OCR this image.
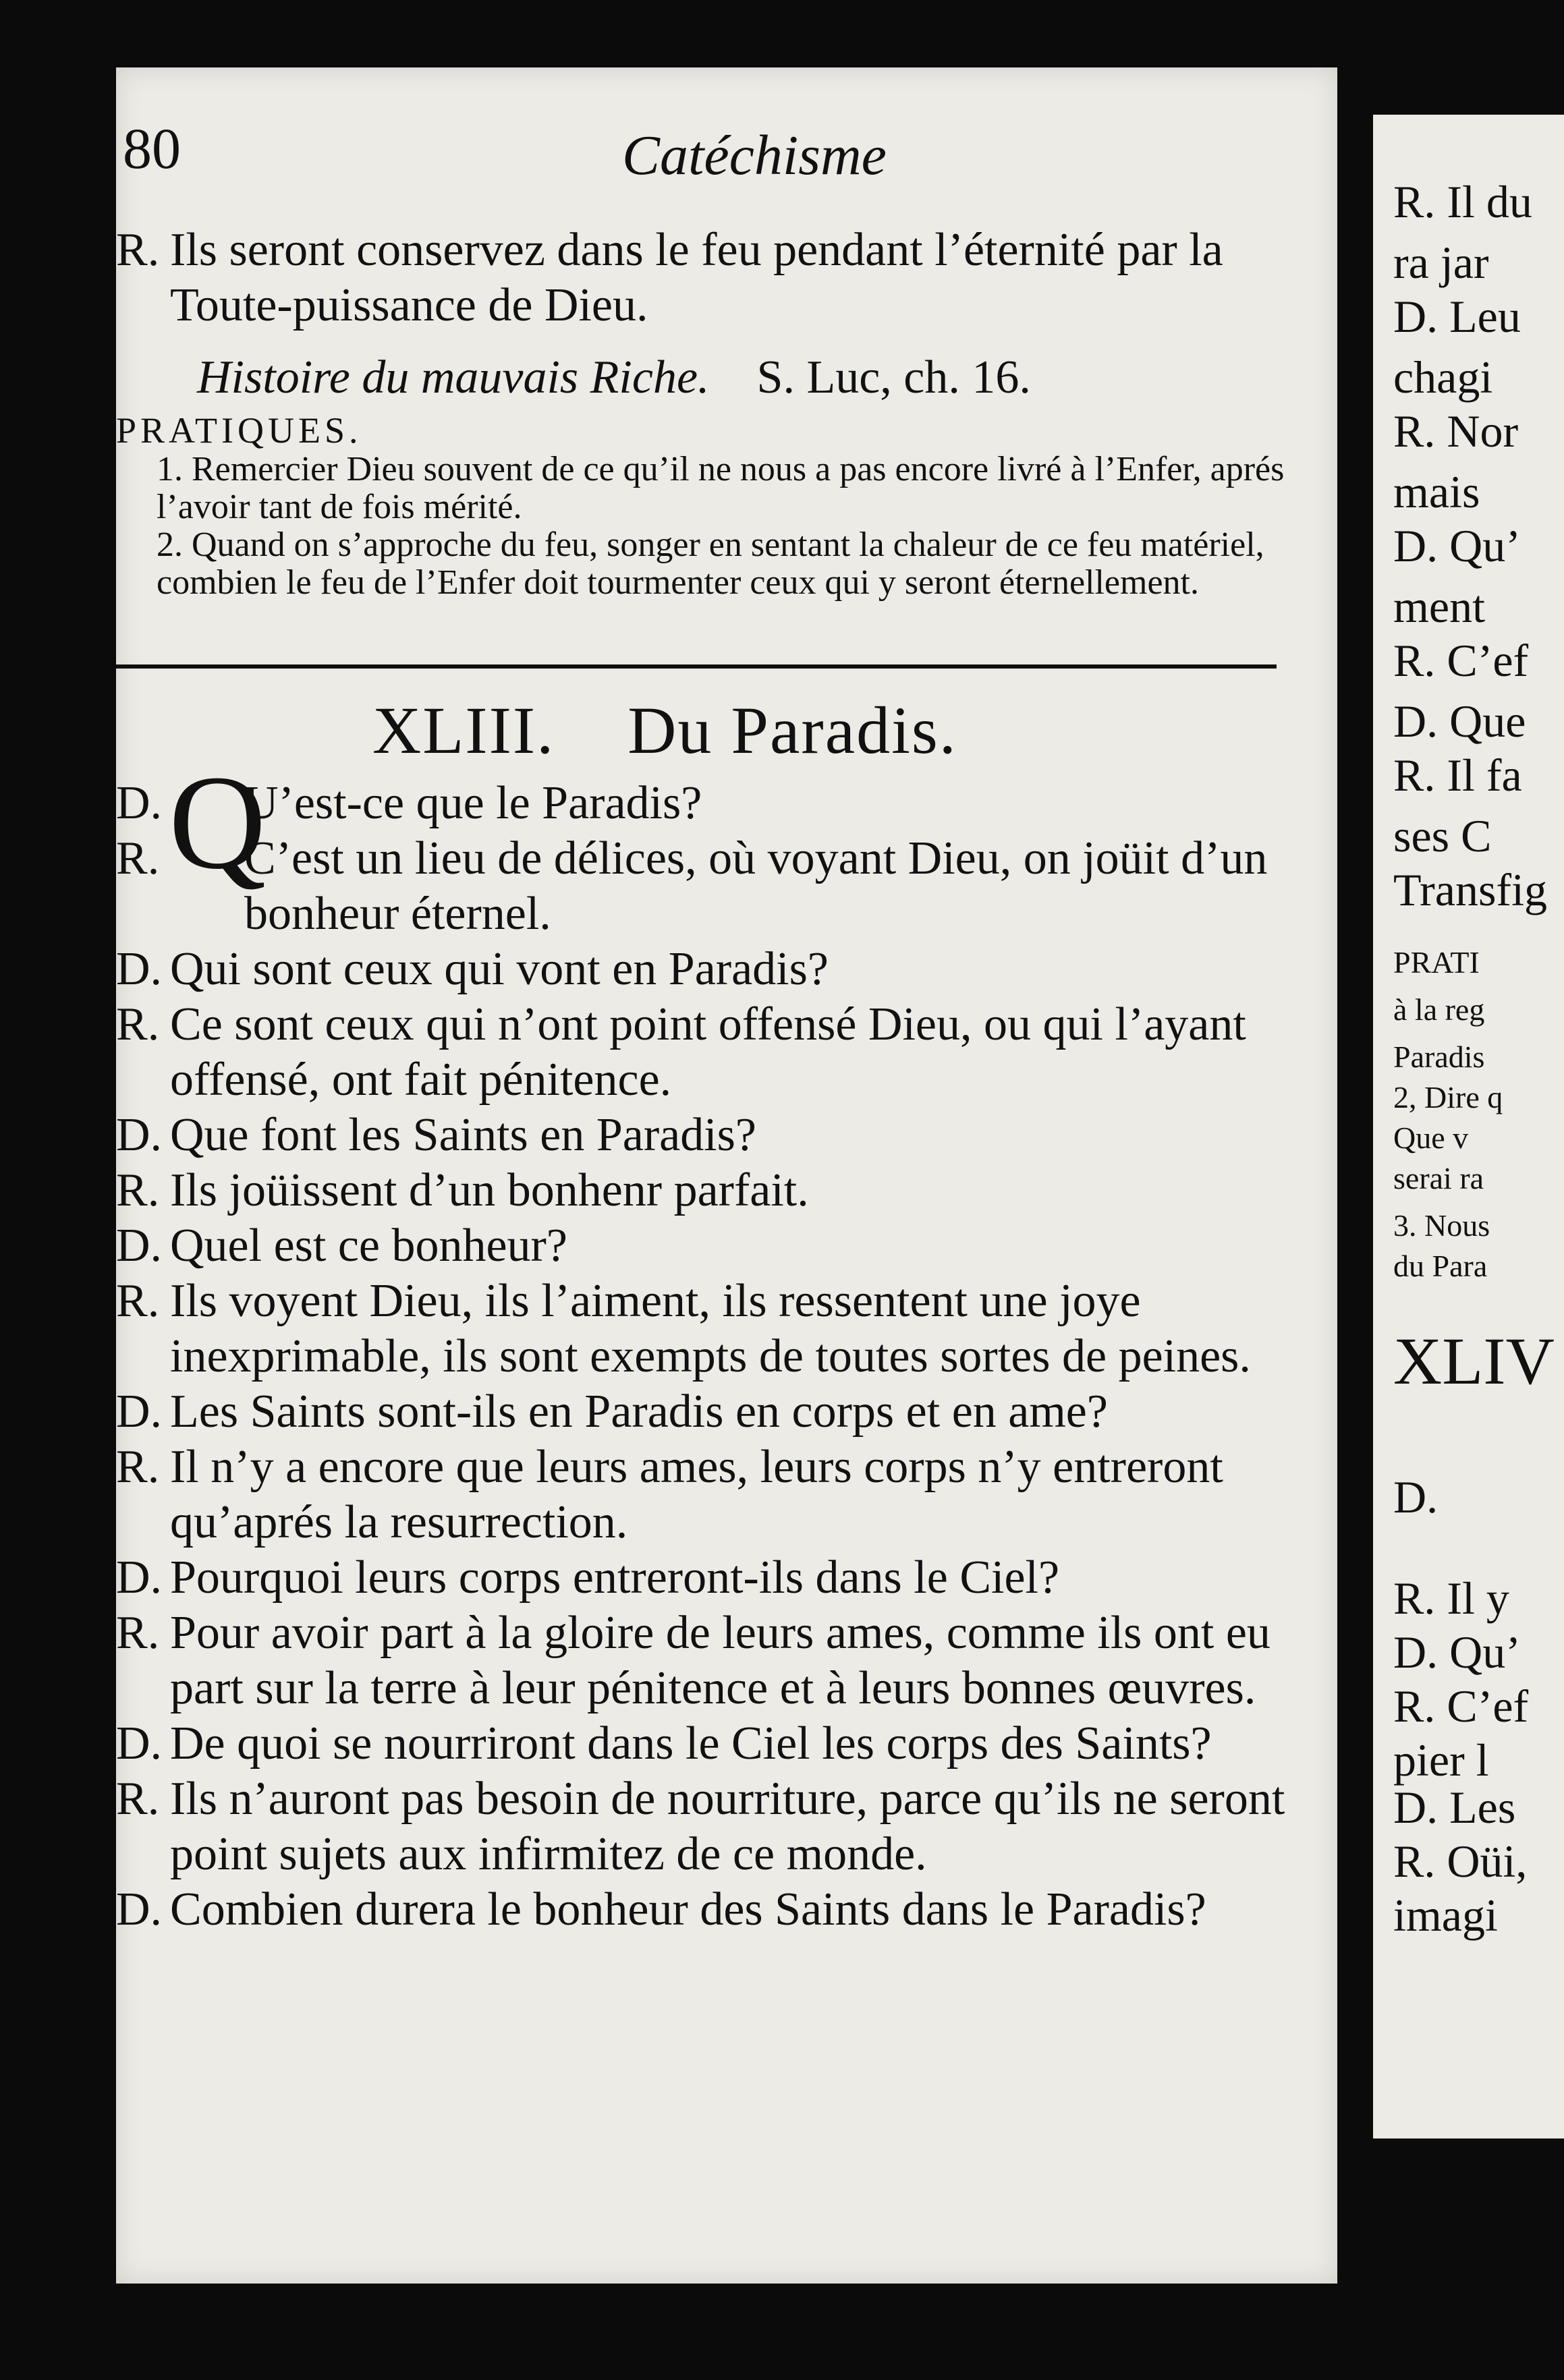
80	Catéchisme
R. Ils seront conservez dans le feu pendant l’éternité par la Toute-puissance de Dieu.
Histoire du mauvais Riche. S. Luc, ch. 16.
PRATIQUES.
1. Remercier Dieu souvent de ce qu’il ne nous a pas encore livré à l’Enfer, aprés l’avoir tant de fois mérité.
2. Quand on s’approche du feu, songer en sentant la chaleur de ce feu matériel, combien le feu de l’Enfer doit tourmenter ceux qui y seront éternellement.
XLIII. Du Paradis.
Q
D. U’est-ce que le Paradis?
R. C’est un lieu de délices, où voyant Dieu, on joüit d’un bonheur éternel.
D. Qui sont ceux qui vont en Paradis?
R. Ce sont ceux qui n’ont point offensé Dieu, ou qui l’ayant offensé, ont fait pénitence.
D. Que font les Saints en Paradis?
R. Ils joüissent d’un bonhenr parfait.
D. Quel est ce bonheur?
R. Ils voyent Dieu, ils l’aiment, ils ressentent une joye inexprimable, ils sont exempts de toutes sortes de peines.
D. Les Saints sont-ils en Paradis en corps et en ame?
R. Il n’y a encore que leurs ames, leurs corps n’y entreront qu’aprés la resurrection.
D. Pourquoi leurs corps entreront-ils dans le Ciel?
R. Pour avoir part à la gloire de leurs ames, comme ils ont eu part sur la terre à leur pénitence et à leurs bonnes œuvres.
D. De quoi se nourriront dans le Ciel les corps des Saints?
R. Ils n’auront pas besoin de nourriture, parce qu’ils ne seront point sujets aux infirmitez de ce monde.
D. Combien durera le bonheur des Saints dans le Paradis?
R. Il du
ra jar
D. Leu
chagi
R. Nor
mais
D. Qu’
ment
R. C’ef
D. Que
R. Il fa
ses C
Transfig
PRATI
à la reg
Paradis
2, Dire q
Que v
serai ra
3. Nous
du Para
XLIV
D.
R. Il y
D. Qu’
R. C’ef
pier l
D. Les
R. Oüi,
imagi
